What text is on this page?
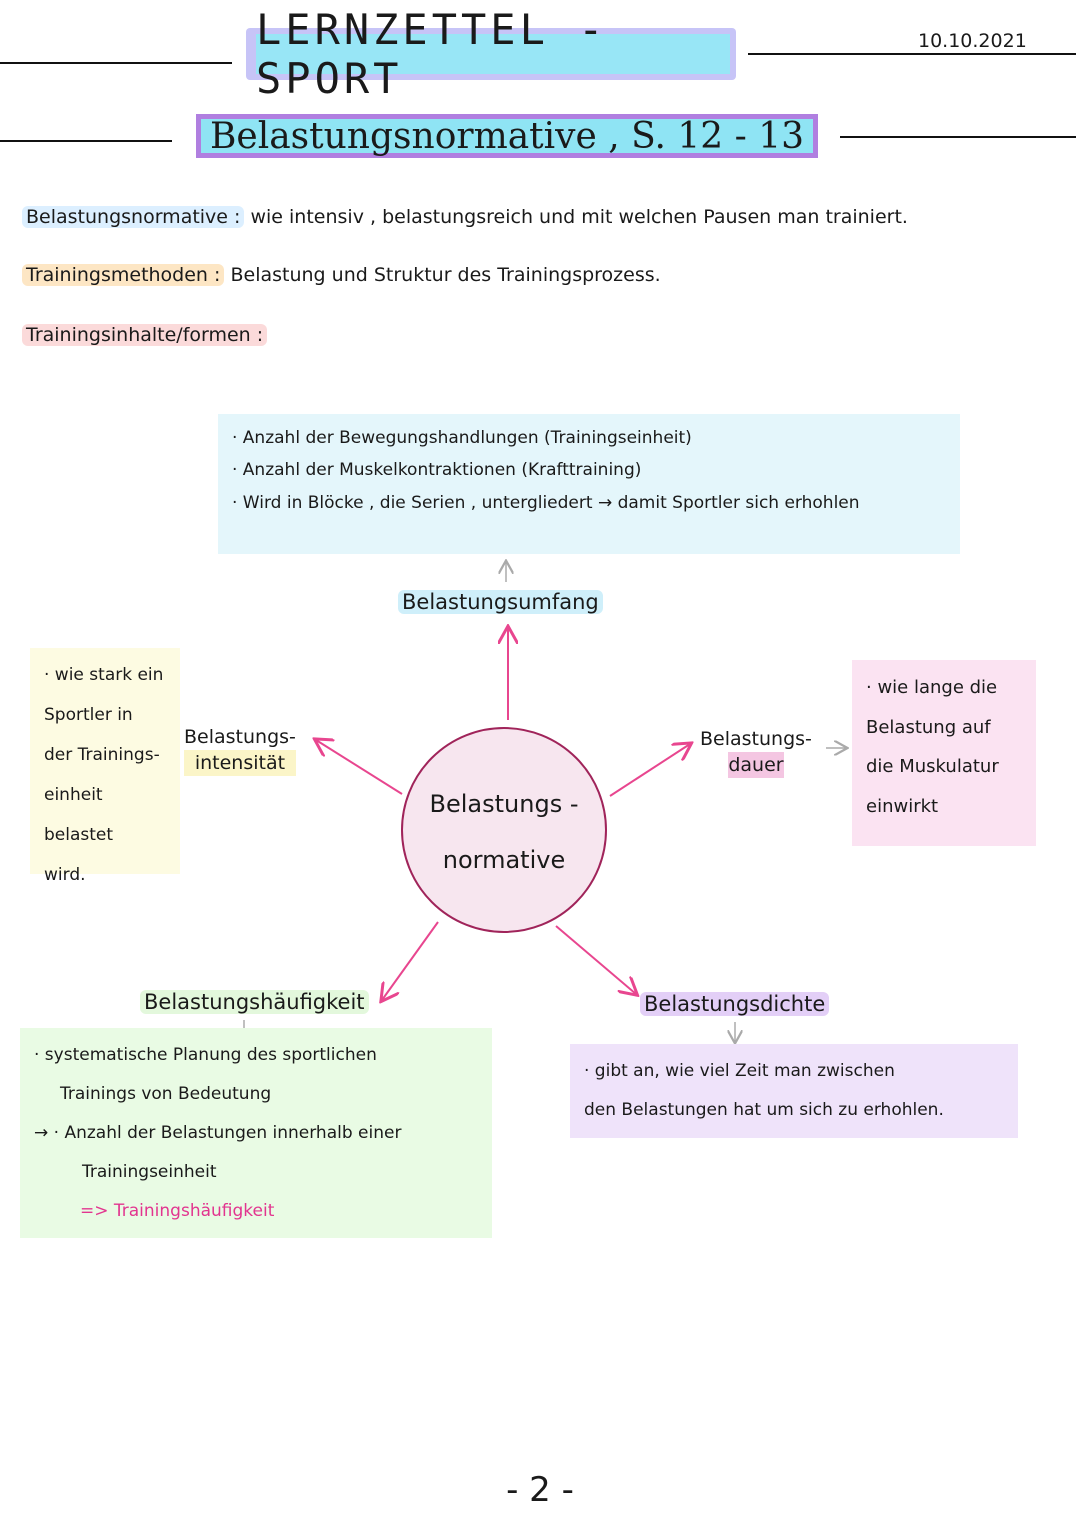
LERNZETTEL - SPORT
10.10.2021
Belastungsnormative , S. 12 - 13
Belastungsnormative : wie intensiv , belastungsreich und mit welchen Pausen man trainiert.
Trainingsmethoden : Belastung und Struktur des Trainingsprozess.
Trainingsinhalte/formen :
Belastungs -
normative
· Anzahl der Bewegungshandlungen (Trainingseinheit)
· Anzahl der Muskelkontraktionen (Krafttraining)
· Wird in Blöcke , die Serien , untergliedert → damit Sportler sich erhohlen
Belastungsumfang
· wie stark ein
Sportler in
der Trainings-
einheit belastet
wird.
Belastungs-
intensität
· wie lange die
Belastung auf
die Muskulatur
einwirkt
Belastungs-
dauer
Belastungshäufigkeit
· systematische Planung des sportlichen
Trainings von Bedeutung
→ · Anzahl der Belastungen innerhalb einer
Trainingseinheit
=> Trainingshäufigkeit
Belastungsdichte
· gibt an, wie viel Zeit man zwischen
den Belastungen hat um sich zu erhohlen.
- 2 -
